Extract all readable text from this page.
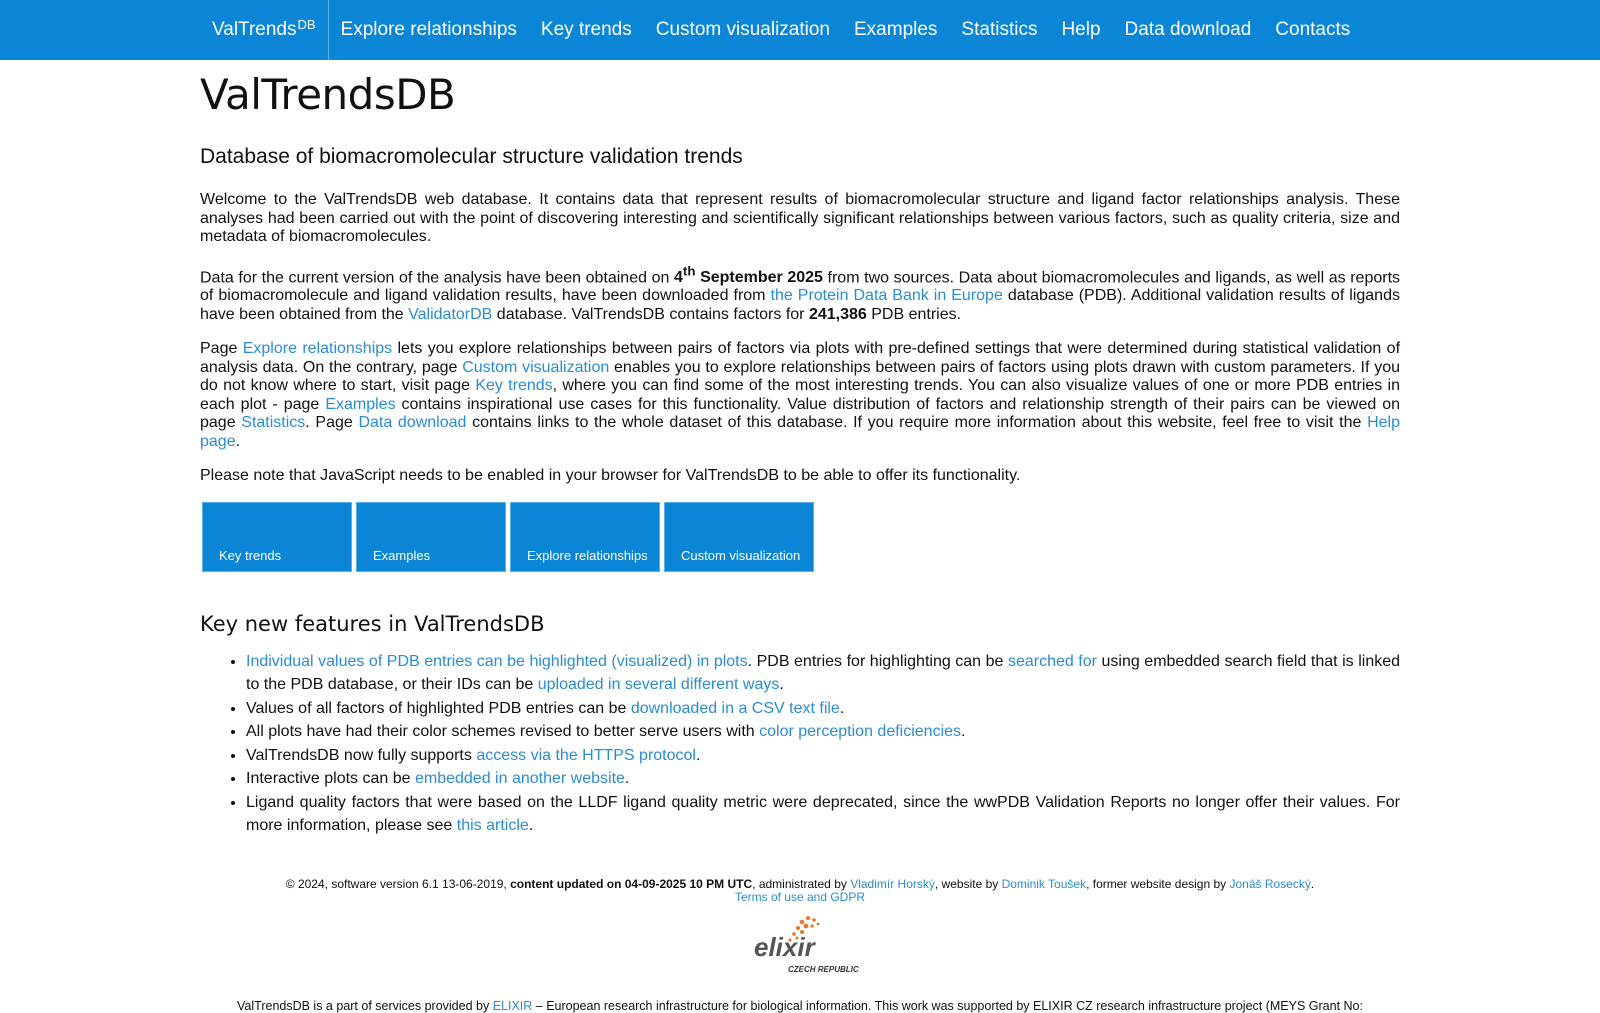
ValTrends$^{DB}$ Explore relationships Key trends Custom visualization Examples Statistics Help Data download Contacts
ValTrendsDB
Database of biomacromolecular structure validation trends

Welcome to the ValTrendsDB web database. It contains data that represent results of biomacromolecular structure and ligand factor relationships analysis. These analyses had been carried out with the point of discovering interesting and scientifically significant relationships between various factors, such as quality criteria, size and metadata of biomacromolecules.

Data for the current version of the analysis have been obtained on 4th September 2025 from two sources. Data about biomacromolecules and ligands, as well as reports of biomacromolecule and ligand validation results, have been downloaded from the Protein Data Bank in Europe database (PDB). Additional validation results of ligands have been obtained from the ValidatorDB database. ValTrendsDB contains factors for 241,386 PDB entries.

Page Explore relationships lets you explore relationships between pairs of factors via plots with pre-defined settings that were determined during statistical validation of analysis data. On the contrary, page Custom visualization enables you to explore relationships between pairs of factors using plots drawn with custom parameters. If you do not know where to start, visit page Key trends, where you can find some of the most interesting trends. You can also visualize values of one or more PDB entries in each plot - page Examples contains inspirational use cases for this functionality. Value distribution of factors and relationship strength of their pairs can be viewed on page Statistics. Page Data download contains links to the whole dataset of this database. If you require more information about this website, feel free to visit the Help page.

Please note that JavaScript needs to be enabled in your browser for ValTrendsDB to be able to offer its functionality.

Key trends	Examples	Explore relationships	Custom visualization
Key new features in ValTrendsDB
• Individual values of PDB entries can be highlighted (visualized) in plots. PDB entries for highlighting can be searched for using embedded search field that is linked to the PDB database, or their IDs can be uploaded in several different ways.
• Values of all factors of highlighted PDB entries can be downloaded in a CSV text file.
• All plots have had their color schemes revised to better serve users with color perception deficiencies.
• ValTrendsDB now fully supports access via the HTTPS protocol.
• Interactive plots can be embedded in another website.
• Ligand quality factors that were based on the LLDF ligand quality metric were deprecated, since the wwPDB Validation Reports no longer offer their values. For more information, please see this article.
© 2024, software version 6.1 13-06-2019, content updated on 04-09-2025 10 PM UTC, administrated by Vladimír Horský, website by Dominik Toušek, former website design by Jonáš Rosecký.
Terms of use and GDPR
elixir
CZECH REPUBLIC
ValTrendsDB is a part of services provided by ELIXIR – European research infrastructure for biological information. This work was supported by ELIXIR CZ research infrastructure project (MEYS Grant No:
